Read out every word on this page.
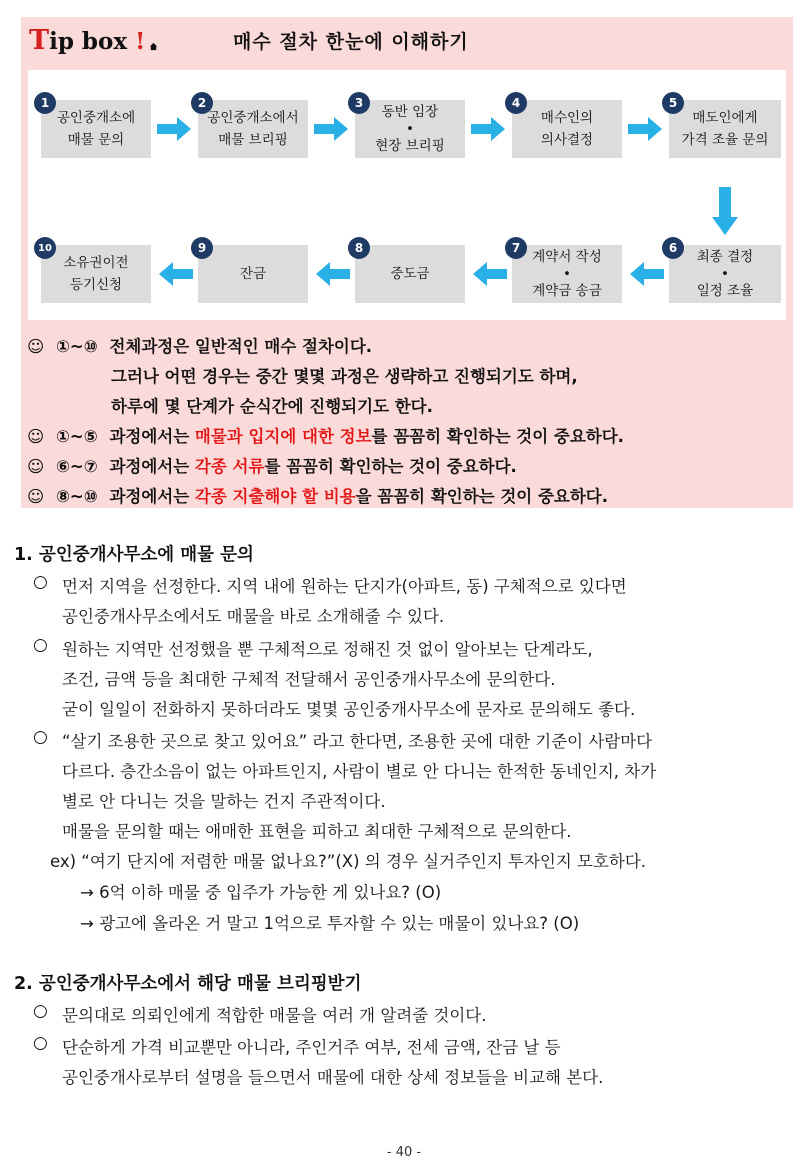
Tip box !	매수 절차 한눈에 이해하기
공인중개소에
매물 문의
1
공인중개소에서
매물 브리핑
2
동반 임장
•
현장 브리핑
3
매수인의
의사결정
4
매도인에게
가격 조율 문의
5
최종 결정
•
일정 조율
6
계약서 작성
•
계약금 송금
7
중도금
8
잔금
9
소유권이전
등기신청
10
☺ ①~⑩ 전체과정은 일반적인 매수 절차이다.
그러나 어떤 경우는 중간 몇몇 과정은 생략하고 진행되기도 하며,
하루에 몇 단계가 순식간에 진행되기도 한다.
☺ ①~⑤ 과정에서는 매물과 입지에 대한 정보를 꼼꼼히 확인하는 것이 중요하다.
☺ ⑥~⑦ 과정에서는 각종 서류를 꼼꼼히 확인하는 것이 중요하다.
☺ ⑧~⑩ 과정에서는 각종 지출해야 할 비용을 꼼꼼히 확인하는 것이 중요하다.
1. 공인중개사무소에 매물 문의
○ 먼저 지역을 선정한다. 지역 내에 원하는 단지가(아파트, 동) 구체적으로 있다면
공인중개사무소에서도 매물을 바로 소개해줄 수 있다.
○ 원하는 지역만 선정했을 뿐 구체적으로 정해진 것 없이 알아보는 단계라도,
조건, 금액 등을 최대한 구체적 전달해서 공인중개사무소에 문의한다.
굳이 일일이 전화하지 못하더라도 몇몇 공인중개사무소에 문자로 문의해도 좋다.
○ “살기 조용한 곳으로 찾고 있어요” 라고 한다면, 조용한 곳에 대한 기준이 사람마다
다르다. 층간소음이 없는 아파트인지, 사람이 별로 안 다니는 한적한 동네인지, 차가
별로 안 다니는 것을 말하는 건지 주관적이다.
매물을 문의할 때는 애매한 표현을 피하고 최대한 구체적으로 문의한다.
ex) “여기 단지에 저렴한 매물 없나요?”(X) 의 경우 실거주인지 투자인지 모호하다.
→ 6억 이하 매물 중 입주가 가능한 게 있나요? (O)
→ 광고에 올라온 거 말고 1억으로 투자할 수 있는 매물이 있나요? (O)
2. 공인중개사무소에서 해당 매물 브리핑받기
○ 문의대로 의뢰인에게 적합한 매물을 여러 개 알려줄 것이다.
○ 단순하게 가격 비교뿐만 아니라, 주인거주 여부, 전세 금액, 잔금 날 등
공인중개사로부터 설명을 들으면서 매물에 대한 상세 정보들을 비교해 본다.
- 40 -
